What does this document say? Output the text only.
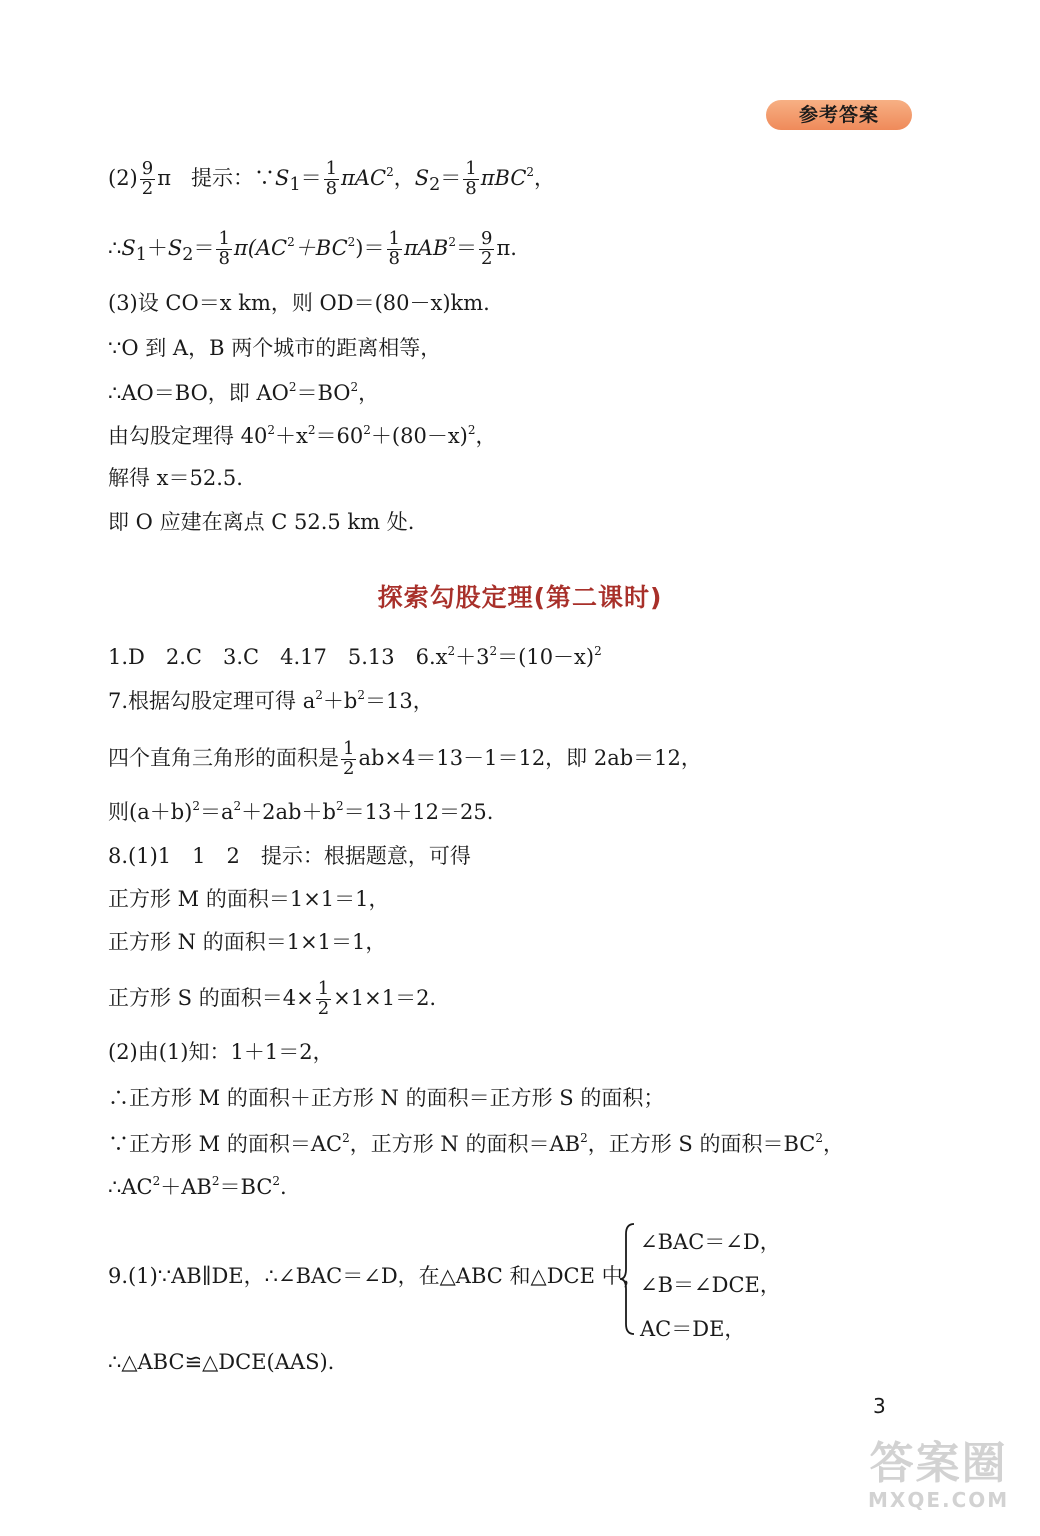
参考答案
$(2) \frac{9}{2}$ π 提示：$\because S_1= \frac{1}{8} \pi AC^2$，$S_2= \frac{1}{8} \pi BC^2$，
$\therefore S_1+S_2= \frac{1}{8} \pi(AC^2+BC^2)= \frac{1}{8} \pi AB^2= \frac{9}{2} \pi$.
(3)设 CO＝x km，则 OD＝(80－x)km.
∵O 到 A，B 两个城市的距离相等，
∴AO＝BO，即 $AO^2=BO^2$，
由勾股定理得 $40^2+x^2=60^2+(80-x)^2$，
解得 x＝52.5.
即 O 应建在离点 C 52.5 km 处.
探索勾股定理(第二课时)
1.D　2.C　3.C　4.17　5.13　$6.x^2+3^2=(10-x)^2$
7.根据勾股定理可得 $a^2+b^2=13$，
四个直角三角形的面积是 $\frac{1}{2} ab\times 4=13-1=12$，即 2ab＝12，
则$(a+b)^2=a^2+2ab+b^2=13+12=25$.
8.(1)1　1　2　提示：根据题意，可得
正方形 M 的面积＝1×1＝1，
正方形 N 的面积＝1×1＝1，
正方形 S 的面积$=4\times \frac{1}{2} \times 1\times 1=2$.
(2)由(1)知：1＋1＝2，
∴正方形 M 的面积＋正方形 N 的面积＝正方形 S 的面积；
∵正方形 M 的面积$=AC^2$，正方形 N 的面积$=AB^2$，正方形 S 的面积$=BC^2$，
$\therefore AC^2+AB^2=BC^2$.
9.(1)∵AB∥DE，∴∠BAC＝∠D，在△ABC 和△DCE 中，
∠BAC＝∠D，
∠B＝∠DCE，
AC＝DE，
∴△ABC≌△DCE(AAS).
3
答案圈
MXQE.COM
